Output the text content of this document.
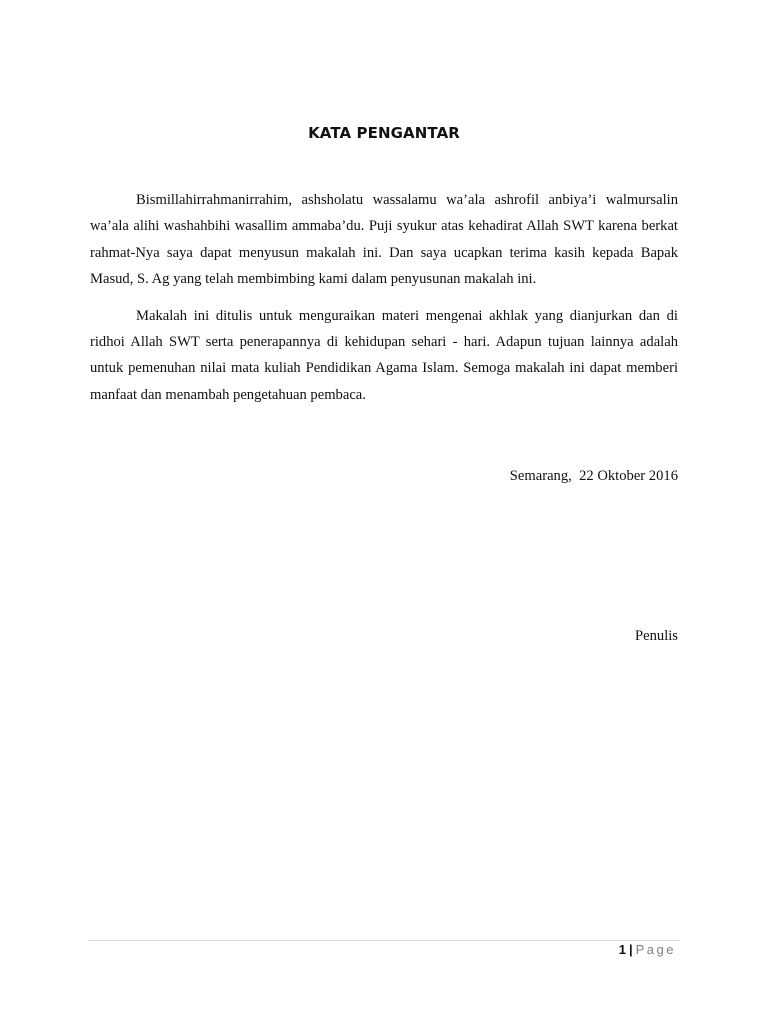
KATA PENGANTAR

Bismillahirrahmanirrahim, ashsholatu wassalamu wa’ala ashrofil anbiya’i walmursalin wa’ala alihi washahbihi wasallim ammaba’du. Puji syukur atas kehadirat Allah SWT karena berkat rahmat-Nya saya dapat menyusun makalah ini. Dan saya ucapkan terima kasih kepada Bapak Masud, S. Ag yang telah membimbing kami dalam penyusunan makalah ini.

Makalah ini ditulis untuk menguraikan materi mengenai akhlak yang dianjurkan dan di ridhoi Allah SWT serta penerapannya di kehidupan sehari - hari. Adapun tujuan lainnya adalah untuk pemenuhan nilai mata kuliah Pendidikan Agama Islam. Semoga makalah ini dapat memberi manfaat dan menambah pengetahuan pembaca.

Semarang,  22 Oktober 2016
Penulis
1 | Page
